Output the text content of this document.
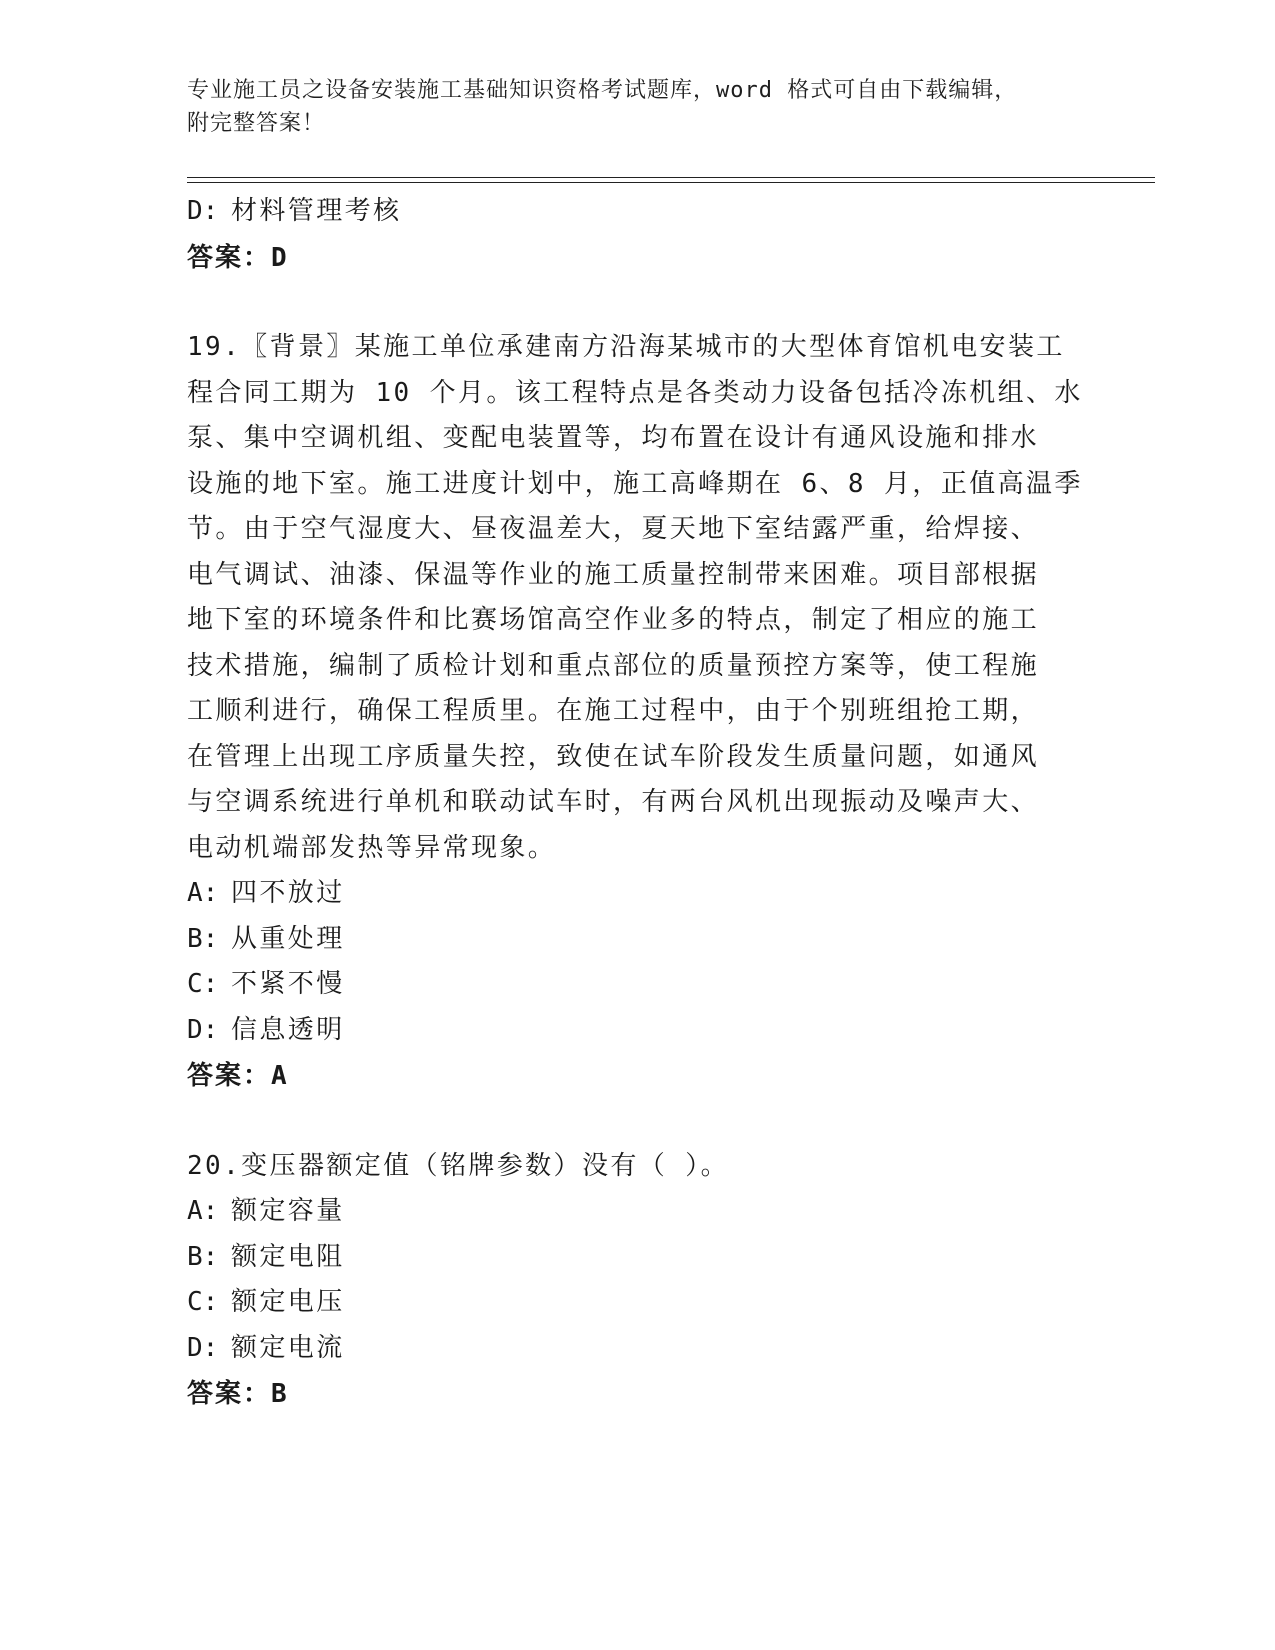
专业施工员之设备安装施工基础知识资格考试题库，word 格式可自由下载编辑，
附完整答案！
D: 材料管理考核
答案：D
19.〖背景〗某施工单位承建南方沿海某城市的大型体育馆机电安装工
程合同工期为 10 个月。该工程特点是各类动力设备包括冷冻机组、水
泵、集中空调机组、变配电装置等，均布置在设计有通风设施和排水
设施的地下室。施工进度计划中，施工高峰期在 6、8 月，正值高温季
节。由于空气湿度大、昼夜温差大，夏天地下室结露严重，给焊接、
电气调试、油漆、保温等作业的施工质量控制带来困难。项目部根据
地下室的环境条件和比赛场馆高空作业多的特点，制定了相应的施工
技术措施，编制了质检计划和重点部位的质量预控方案等，使工程施
工顺利进行，确保工程质里。在施工过程中，由于个别班组抢工期，
在管理上出现工序质量失控，致使在试车阶段发生质量问题，如通风
与空调系统进行单机和联动试车时，有两台风机出现振动及噪声大、
电动机端部发热等异常现象。
A: 四不放过
B: 从重处理
C: 不紧不慢
D: 信息透明
答案：A
20.变压器额定值（铭牌参数）没有（ ）。
A: 额定容量
B: 额定电阻
C: 额定电压
D: 额定电流
答案：B
